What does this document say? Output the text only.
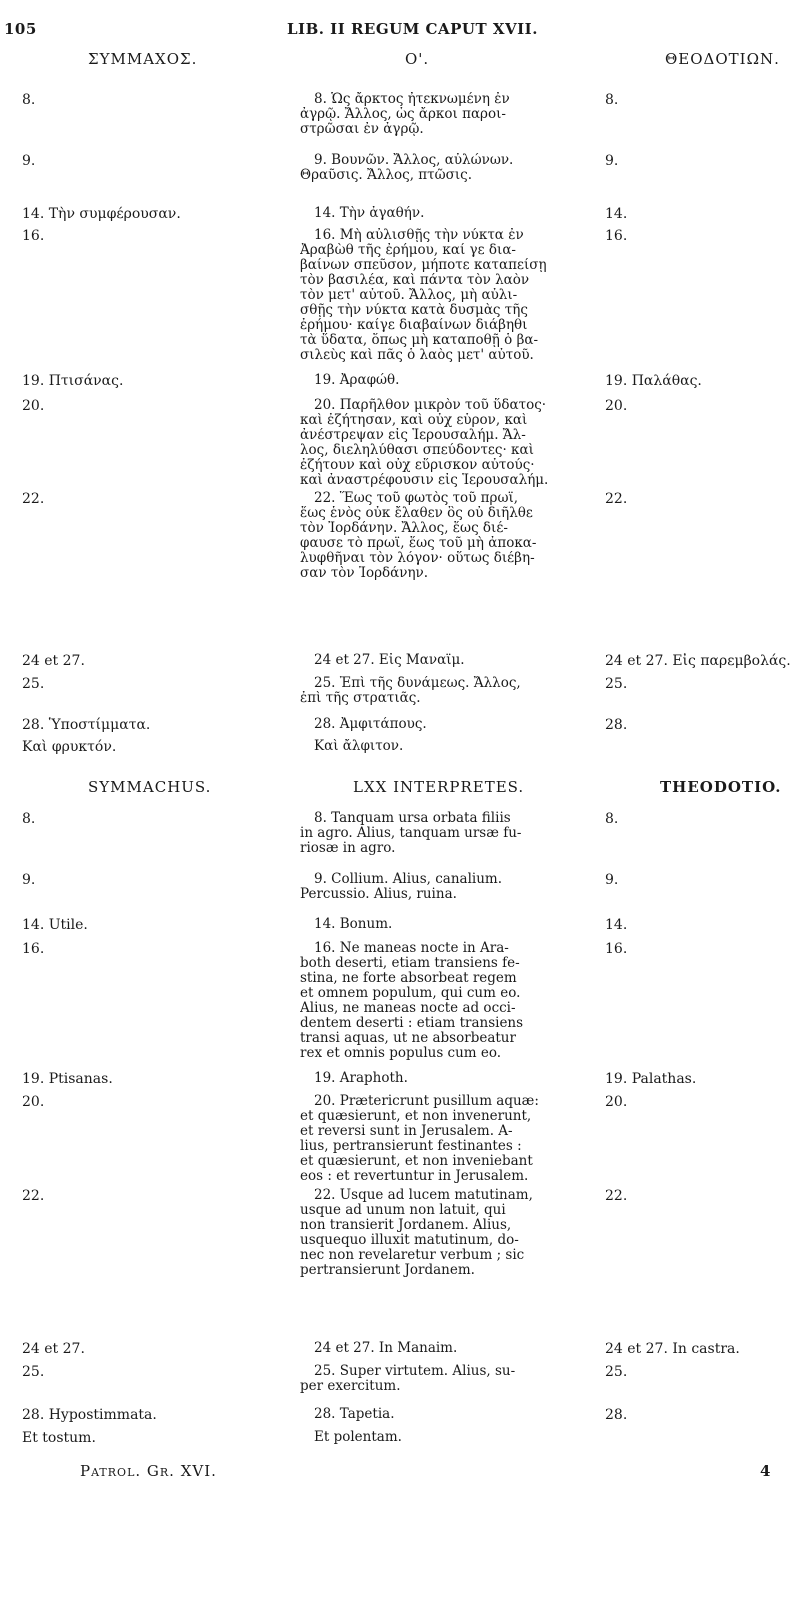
105	LIB. II REGUM CAPUT XVII.
ΣΥΜΜΑΧΟΣ.	Ο'.	ΘΕΟΔΟΤΙΩΝ.
8.	8. Ὡς ἄρκτος ἠτεκνωμένη ἐν
ἀγρῷ. Ἄλλος, ὡς ἄρκοι παροι-
στρῶσαι ἐν ἀγρῷ.
8.
9.	9. Βουνῶν. Ἄλλος, αὐλώνων.
Θραῦσις. Ἄλλος, πτῶσις.
9.
14. Τὴν συμφέρουσαν.	14. Τὴν ἀγαθήν.	14.
16.	16. Μὴ αὐλισθῇς τὴν νύκτα ἐν
Ἀραβὼθ τῆς ἐρήμου, καί γε δια-
βαίνων σπεῦσον, μήποτε καταπείσῃ
τὸν βασιλέα, καὶ πάντα τὸν λαὸν
τὸν μετ' αὐτοῦ. Ἄλλος, μὴ αὐλι-
σθῇς τὴν νύκτα κατὰ δυσμὰς τῆς
ἐρήμου· καίγε διαβαίνων διάβηθι
τὰ ὕδατα, ὅπως μὴ καταποθῇ ὁ βα-
σιλεὺς καὶ πᾶς ὁ λαὸς μετ' αὐτοῦ.
16.
19. Πτισάνας.	19. Ἀραφώθ.	19. Παλάθας.
20.	20. Παρῆλθον μικρὸν τοῦ ὕδατος·
καὶ ἐζήτησαν, καὶ οὐχ εὗρον, καὶ
ἀνέστρεψαν εἰς Ἱερουσαλήμ. Ἄλ-
λος, διεληλύθασι σπεύδοντες· καὶ
ἐζήτουν καὶ οὐχ εὕρισκον αὐτούς·
καὶ ἀναστρέφουσιν εἰς Ἱερουσαλήμ.
20.
22.	22. Ἕως τοῦ φωτὸς τοῦ πρωΐ,
ἕως ἑνὸς οὐκ ἔλαθεν ὃς οὐ διῆλθε
τὸν Ἰορδάνην. Ἄλλος, ἕως διέ-
φαυσε τὸ πρωΐ, ἕως τοῦ μὴ ἀποκα-
λυφθῆναι τὸν λόγον· οὕτως διέβη-
σαν τὸν Ἰορδάνην.
22.
24 et 27.	24 et 27. Εἰς Μαναΐμ.	24 et 27. Εἰς παρεμβολάς.
25.	25. Ἐπὶ τῆς δυνάμεως. Ἄλλος,
ἐπὶ τῆς στρατιᾶς.
25.
28. Ὑποστίμματα.	28. Ἀμφιτάπους.	28.
Καὶ φρυκτόν.	Καὶ ἄλφιτον.
SYMMACHUS.	LXX INTERPRETES.	THEODOTIO.
8.	8. Tanquam ursa orbata filiis
in agro. Alius, tanquam ursæ fu-
riosæ in agro.
8.
9.	9. Collium. Alius, canalium.
Percussio. Alius, ruina.
9.
14. Utile.	14. Bonum.	14.
16.	16. Ne maneas nocte in Ara-
both deserti, etiam transiens fe-
stina, ne forte absorbeat regem
et omnem populum, qui cum eo.
Alius, ne maneas nocte ad occi-
dentem deserti : etiam transiens
transi aquas, ut ne absorbeatur
rex et omnis populus cum eo.
16.
19. Ptisanas.	19. Araphoth.	19. Palathas.
20.	20. Prætericrunt pusillum aquæ:
et quæsierunt, et non invenerunt,
et reversi sunt in Jerusalem. A-
lius, pertransierunt festinantes :
et quæsierunt, et non inveniebant
eos : et revertuntur in Jerusalem.
20.
22.	22. Usque ad lucem matutinam,
usque ad unum non latuit, qui
non transierit Jordanem. Alius,
usquequo illuxit matutinum, do-
nec non revelaretur verbum ; sic
pertransierunt Jordanem.
22.
24 et 27.	24 et 27. In Manaim.	24 et 27. In castra.
25.	25. Super virtutem. Alius, su-
per exercitum.
25.
28. Hypostimmata.	28. Tapetia.	28.
Et tostum.	Et polentam.
Patrol. Gr. XVI.	4
